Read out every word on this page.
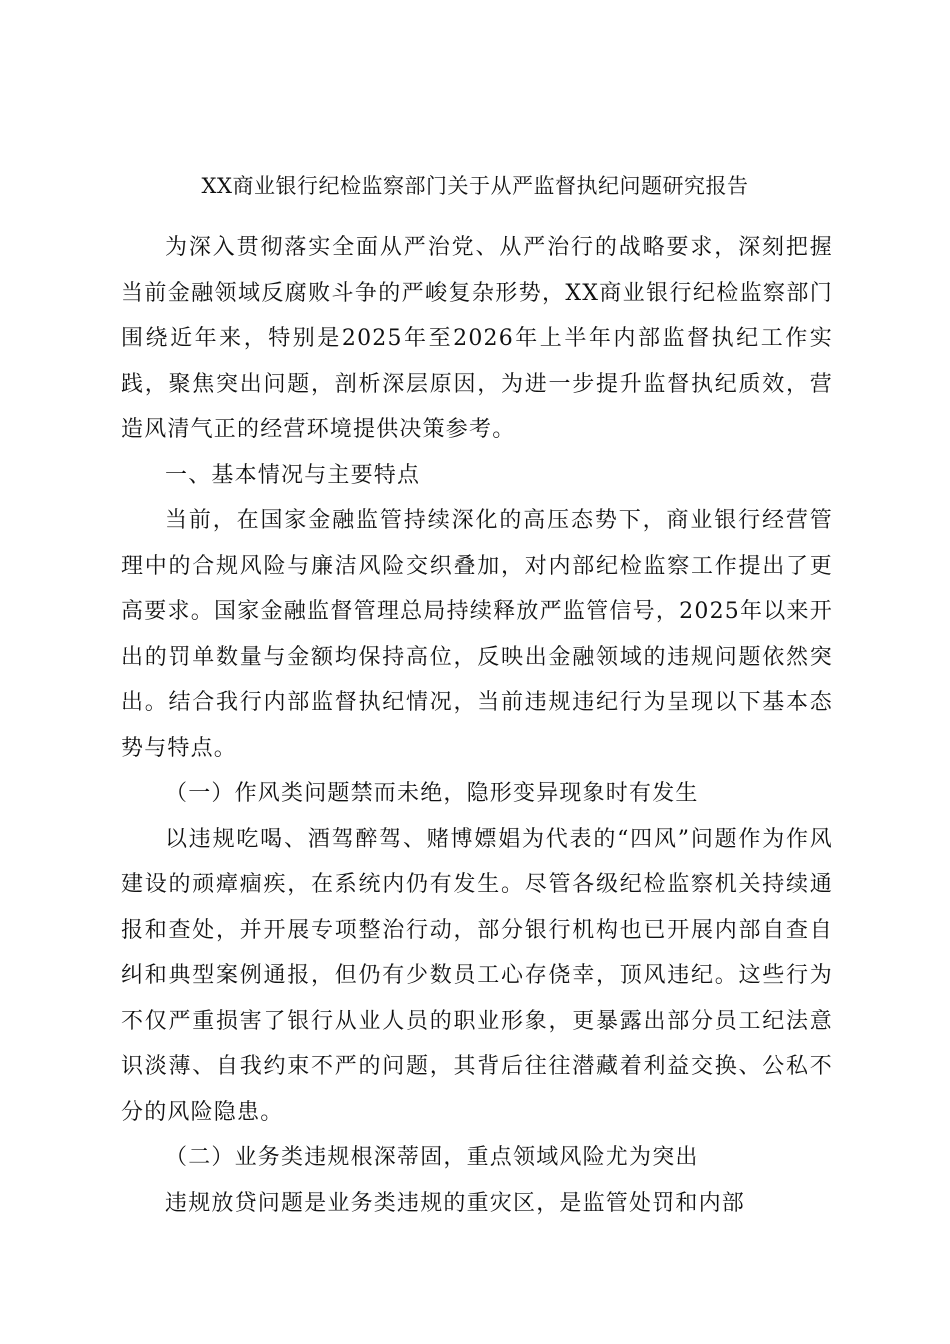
XX商业银行纪检监察部门关于从严监督执纪问题研究报告

为深入贯彻落实全面从严治党、从严治行的战略要求，深刻把握当前金融领域反腐败斗争的严峻复杂形势，XX商业银行纪检监察部门围绕近年来，特别是2025年至2026年上半年内部监督执纪工作实践，聚焦突出问题，剖析深层原因，为进一步提升监督执纪质效，营造风清气正的经营环境提供决策参考。

一、基本情况与主要特点

当前，在国家金融监管持续深化的高压态势下，商业银行经营管理中的合规风险与廉洁风险交织叠加，对内部纪检监察工作提出了更高要求。国家金融监督管理总局持续释放严监管信号，2025年以来开出的罚单数量与金额均保持高位，反映出金融领域的违规问题依然突出。结合我行内部监督执纪情况，当前违规违纪行为呈现以下基本态势与特点。

（一）作风类问题禁而未绝，隐形变异现象时有发生

以违规吃喝、酒驾醉驾、赌博嫖娼为代表的“四风”问题作为作风建设的顽瘴痼疾，在系统内仍有发生。尽管各级纪检监察机关持续通报和查处，并开展专项整治行动，部分银行机构也已开展内部自查自纠和典型案例通报，但仍有少数员工心存侥幸，顶风违纪。这些行为不仅严重损害了银行从业人员的职业形象，更暴露出部分员工纪法意识淡薄、自我约束不严的问题，其背后往往潜藏着利益交换、公私不分的风险隐患。

（二）业务类违规根深蒂固，重点领域风险尤为突出

违规放贷问题是业务类违规的重灾区，是监管处罚和内部
